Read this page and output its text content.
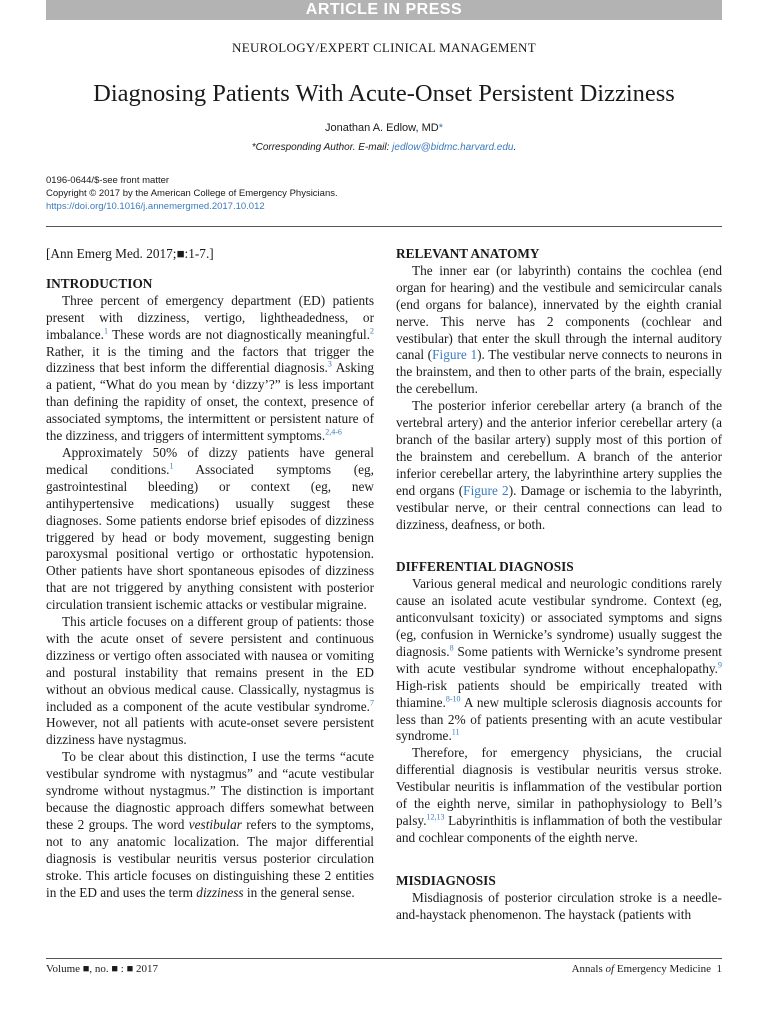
ARTICLE IN PRESS
NEUROLOGY/EXPERT CLINICAL MANAGEMENT
Diagnosing Patients With Acute-Onset Persistent Dizziness
Jonathan A. Edlow, MD*
*Corresponding Author. E-mail: jedlow@bidmc.harvard.edu.
0196-0644/$-see front matter
Copyright © 2017 by the American College of Emergency Physicians.
https://doi.org/10.1016/j.annemergmed.2017.10.012
[Ann Emerg Med. 2017;■:1-7.]
INTRODUCTION

Three percent of emergency department (ED) patients present with dizziness, vertigo, lightheadedness, or imbalance.$^1$ These words are not diagnostically meaningful.$^2$ Rather, it is the timing and the factors that trigger the dizziness that best inform the differential diagnosis.$^3$ Asking a patient, “What do you mean by ‘dizzy’?” is less important than defining the rapidity of onset, the context, presence of associated symptoms, the intermittent or persistent nature of the dizziness, and triggers of intermittent symptoms.$^{2,4-6}$

Approximately 50% of dizzy patients have general medical conditions.$^1$ Associated symptoms (eg, gastrointestinal bleeding) or context (eg, new antihypertensive medications) usually suggest these diagnoses. Some patients endorse brief episodes of dizziness triggered by head or body movement, suggesting benign paroxysmal positional vertigo or orthostatic hypotension. Other patients have short spontaneous episodes of dizziness that are not triggered by anything consistent with posterior circulation transient ischemic attacks or vestibular migraine.

This article focuses on a different group of patients: those with the acute onset of severe persistent and continuous dizziness or vertigo often associated with nausea or vomiting and postural instability that remains present in the ED without an obvious medical cause. Classically, nystagmus is included as a component of the acute vestibular syndrome.$^7$ However, not all patients with acute-onset severe persistent dizziness have nystagmus.

To be clear about this distinction, I use the terms “acute vestibular syndrome with nystagmus” and “acute vestibular syndrome without nystagmus.” The distinction is important because the diagnostic approach differs somewhat between these 2 groups. The word vestibular refers to the symptoms, not to any anatomic localization. The major differential diagnosis is vestibular neuritis versus posterior circulation stroke. This article focuses on distinguishing these 2 entities in the ED and uses the term dizziness in the general sense.

RELEVANT ANATOMY

The inner ear (or labyrinth) contains the cochlea (end organ for hearing) and the vestibule and semicircular canals (end organs for balance), innervated by the eighth cranial nerve. This nerve has 2 components (cochlear and vestibular) that enter the skull through the internal auditory canal (Figure 1). The vestibular nerve connects to neurons in the brainstem, and then to other parts of the brain, especially the cerebellum.

The posterior inferior cerebellar artery (a branch of the vertebral artery) and the anterior inferior cerebellar artery (a branch of the basilar artery) supply most of this portion of the brainstem and cerebellum. A branch of the anterior inferior cerebellar artery, the labyrinthine artery supplies the end organs (Figure 2). Damage or ischemia to the labyrinth, vestibular nerve, or their central connections can lead to dizziness, deafness, or both.

DIFFERENTIAL DIAGNOSIS

Various general medical and neurologic conditions rarely cause an isolated acute vestibular syndrome. Context (eg, anticonvulsant toxicity) or associated symptoms and signs (eg, confusion in Wernicke’s syndrome) usually suggest the diagnosis.$^8$ Some patients with Wernicke’s syndrome present with acute vestibular syndrome without encephalopathy.$^9$ High-risk patients should be empirically treated with thiamine.$^{8-10}$ A new multiple sclerosis diagnosis accounts for less than 2% of patients presenting with an acute vestibular syndrome.$^{11}$

Therefore, for emergency physicians, the crucial differential diagnosis is vestibular neuritis versus stroke. Vestibular neuritis is inflammation of the vestibular portion of the eighth nerve, similar in pathophysiology to Bell’s palsy.$^{12,13}$ Labyrinthitis is inflammation of both the vestibular and cochlear components of the eighth nerve.

MISDIAGNOSIS

Misdiagnosis of posterior circulation stroke is a needle-and-haystack phenomenon. The haystack (patients with

Volume ■, no. ■ : ■ 2017	Annals of Emergency Medicine 1
